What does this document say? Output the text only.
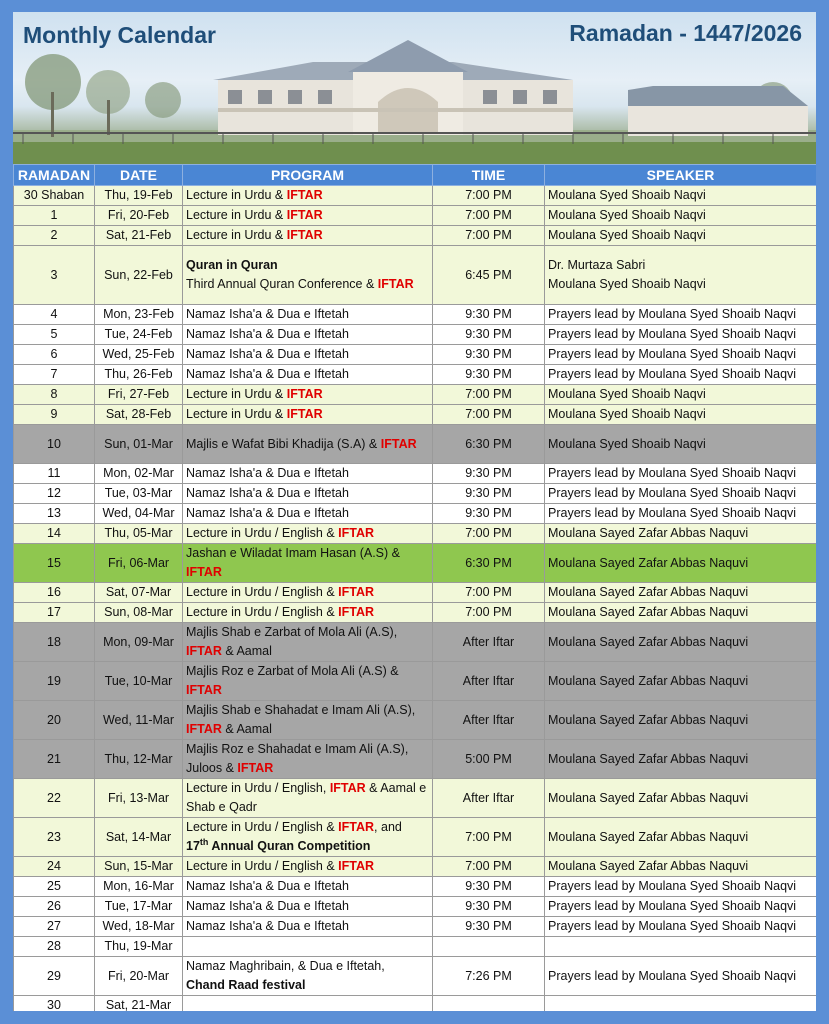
Monthly Calendar	Ramadan - 1447/2026
RAMADAN	DATE	PROGRAM	TIME	SPEAKER
30 Shaban	Thu, 19-Feb	Lecture in Urdu & IFTAR	7:00 PM	Moulana Syed Shoaib Naqvi
1	Fri, 20-Feb	Lecture in Urdu & IFTAR	7:00 PM	Moulana Syed Shoaib Naqvi
2	Sat, 21-Feb	Lecture in Urdu & IFTAR	7:00 PM	Moulana Syed Shoaib Naqvi
3	Sun, 22-Feb	Quran in Quran
Third Annual Quran Conference & IFTAR	6:45 PM	Dr. Murtaza Sabri
Moulana Syed Shoaib Naqvi
4	Mon, 23-Feb	Namaz Isha'a & Dua e Iftetah	9:30 PM	Prayers lead by Moulana Syed Shoaib Naqvi
5	Tue, 24-Feb	Namaz Isha'a & Dua e Iftetah	9:30 PM	Prayers lead by Moulana Syed Shoaib Naqvi
6	Wed, 25-Feb	Namaz Isha'a & Dua e Iftetah	9:30 PM	Prayers lead by Moulana Syed Shoaib Naqvi
7	Thu, 26-Feb	Namaz Isha'a & Dua e Iftetah	9:30 PM	Prayers lead by Moulana Syed Shoaib Naqvi
8	Fri, 27-Feb	Lecture in Urdu & IFTAR	7:00 PM	Moulana Syed Shoaib Naqvi
9	Sat, 28-Feb	Lecture in Urdu & IFTAR	7:00 PM	Moulana Syed Shoaib Naqvi
10	Sun, 01-Mar	Majlis e Wafat Bibi Khadija (S.A) & IFTAR	6:30 PM	Moulana Syed Shoaib Naqvi
11	Mon, 02-Mar	Namaz Isha'a & Dua e Iftetah	9:30 PM	Prayers lead by Moulana Syed Shoaib Naqvi
12	Tue, 03-Mar	Namaz Isha'a & Dua e Iftetah	9:30 PM	Prayers lead by Moulana Syed Shoaib Naqvi
13	Wed, 04-Mar	Namaz Isha'a & Dua e Iftetah	9:30 PM	Prayers lead by Moulana Syed Shoaib Naqvi
14	Thu, 05-Mar	Lecture in Urdu / English & IFTAR	7:00 PM	Moulana Sayed Zafar Abbas Naquvi
15	Fri, 06-Mar	Jashan e Wiladat Imam Hasan (A.S) & IFTAR	6:30 PM	Moulana Sayed Zafar Abbas Naquvi
16	Sat, 07-Mar	Lecture in Urdu / English & IFTAR	7:00 PM	Moulana Sayed Zafar Abbas Naquvi
17	Sun, 08-Mar	Lecture in Urdu / English & IFTAR	7:00 PM	Moulana Sayed Zafar Abbas Naquvi
18	Mon, 09-Mar	Majlis Shab e Zarbat of Mola Ali (A.S), IFTAR & Aamal	After Iftar	Moulana Sayed Zafar Abbas Naquvi
19	Tue, 10-Mar	Majlis Roz e Zarbat of Mola Ali (A.S) & IFTAR	After Iftar	Moulana Sayed Zafar Abbas Naquvi
20	Wed, 11-Mar	Majlis Shab e Shahadat e Imam Ali (A.S), IFTAR & Aamal	After Iftar	Moulana Sayed Zafar Abbas Naquvi
21	Thu, 12-Mar	Majlis Roz e Shahadat e Imam Ali (A.S), Juloos & IFTAR	5:00 PM	Moulana Sayed Zafar Abbas Naquvi
22	Fri, 13-Mar	Lecture in Urdu / English, IFTAR & Aamal e Shab e Qadr	After Iftar	Moulana Sayed Zafar Abbas Naquvi
23	Sat, 14-Mar	Lecture in Urdu / English & IFTAR, and
17th Annual Quran Competition	7:00 PM	Moulana Sayed Zafar Abbas Naquvi
24	Sun, 15-Mar	Lecture in Urdu / English & IFTAR	7:00 PM	Moulana Sayed Zafar Abbas Naquvi
25	Mon, 16-Mar	Namaz Isha'a & Dua e Iftetah	9:30 PM	Prayers lead by Moulana Syed Shoaib Naqvi
26	Tue, 17-Mar	Namaz Isha'a & Dua e Iftetah	9:30 PM	Prayers lead by Moulana Syed Shoaib Naqvi
27	Wed, 18-Mar	Namaz Isha'a & Dua e Iftetah	9:30 PM	Prayers lead by Moulana Syed Shoaib Naqvi
28	Thu, 19-Mar			
29	Fri, 20-Mar	Namaz Maghribain, & Dua e Iftetah,
Chand Raad festival	7:26 PM	Prayers lead by Moulana Syed Shoaib Naqvi
30	Sat, 21-Mar			
